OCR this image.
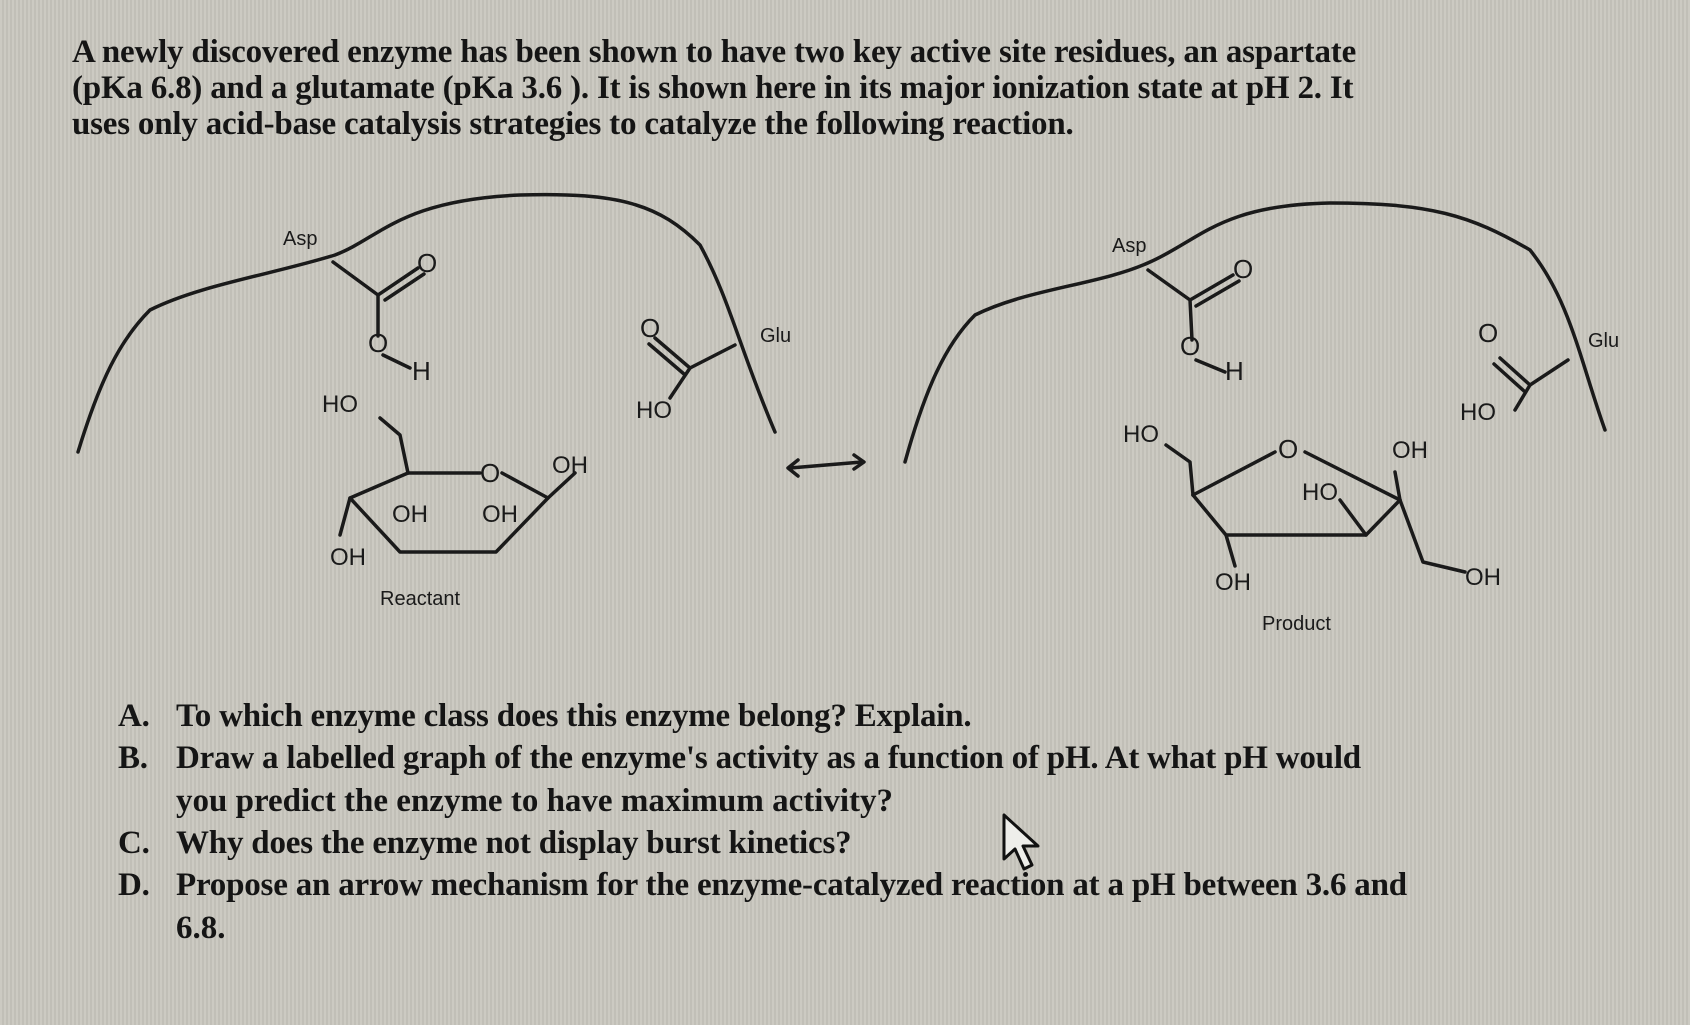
A newly discovered enzyme has been shown to have two key active site residues, an aspartate
(pKa 6.8) and a glutamate (pKa 3.6 ). It is shown here in its major ionization state at pH 2. It
uses only acid-base catalysis strategies to catalyze the following reaction.
Asp
O
O
H
Glu
O
HO
HO
O OH
OH OH
OH
Reactant
Asp
O
O
H
Glu
O
HO
HO	O	OH
HO
OH	OH
Product
A. To which enzyme class does this enzyme belong? Explain.
B. Draw a labelled graph of the enzyme's activity as a function of pH. At what pH would
you predict the enzyme to have maximum activity?
C. Why does the enzyme not display burst kinetics?
D. Propose an arrow mechanism for the enzyme-catalyzed reaction at a pH between 3.6 and
6.8.
